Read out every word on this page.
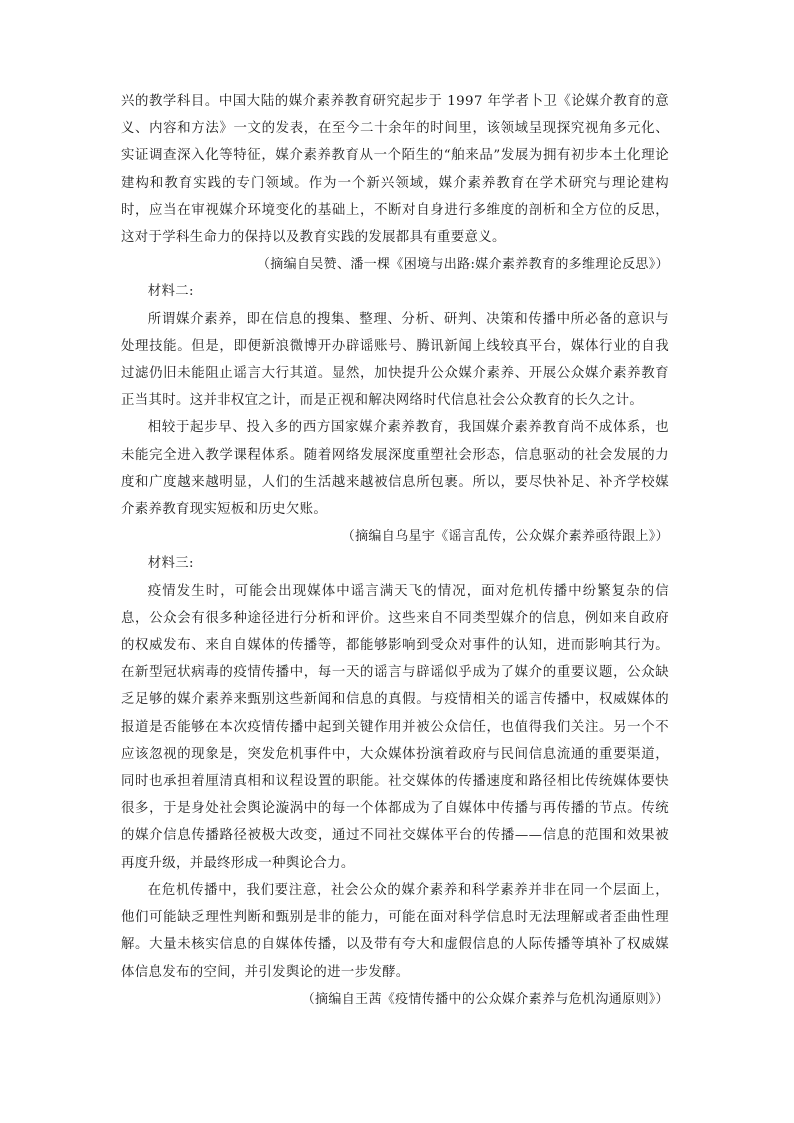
兴的教学科目。中国大陆的媒介素养教育研究起步于 1997 年学者卜卫《论媒介教育的意义、内容和方法》一文的发表，在至今二十余年的时间里，该领域呈现探究视角多元化、实证调查深入化等特征，媒介素养教育从一个陌生的“舶来品”发展为拥有初步本土化理论建构和教育实践的专门领域。作为一个新兴领域，媒介素养教育在学术研究与理论建构时，应当在审视媒介环境变化的基础上，不断对自身进行多维度的剖析和全方位的反思，这对于学科生命力的保持以及教育实践的发展都具有重要意义。

（摘编自吴赞、潘一棵《困境与出路:媒介素养教育的多维理论反思》）

材料二:

所谓媒介素养，即在信息的搜集、整理、分析、研判、决策和传播中所必备的意识与处理技能。但是，即便新浪微博开办辟谣账号、腾讯新闻上线较真平台，媒体行业的自我过滤仍旧未能阻止谣言大行其道。显然，加快提升公众媒介素养、开展公众媒介素养教育正当其时。这并非权宜之计，而是正视和解决网络时代信息社会公众教育的长久之计。

相较于起步早、投入多的西方国家媒介素养教育，我国媒介素养教育尚不成体系，也未能完全进入教学课程体系。随着网络发展深度重塑社会形态，信息驱动的社会发展的力度和广度越来越明显，人们的生活越来越被信息所包裹。所以，要尽快补足、补齐学校媒介素养教育现实短板和历史欠账。

（摘编自乌星宇《谣言乱传，公众媒介素养亟待跟上》）

材料三:

疫情发生时，可能会出现媒体中谣言满天飞的情况，面对危机传播中纷繁复杂的信息，公众会有很多种途径进行分析和评价。这些来自不同类型媒介的信息，例如来自政府的权威发布、来自自媒体的传播等，都能够影响到受众对事件的认知，进而影响其行为。在新型冠状病毒的疫情传播中，每一天的谣言与辟谣似乎成为了媒介的重要议题，公众缺乏足够的媒介素养来甄别这些新闻和信息的真假。与疫情相关的谣言传播中，权威媒体的报道是否能够在本次疫情传播中起到关键作用并被公众信任，也值得我们关注。另一个不应该忽视的现象是，突发危机事件中，大众媒体扮演着政府与民间信息流通的重要渠道，同时也承担着厘清真相和议程设置的职能。社交媒体的传播速度和路径相比传统媒体要快很多，于是身处社会舆论漩涡中的每一个体都成为了自媒体中传播与再传播的节点。传统的媒介信息传播路径被极大改变，通过不同社交媒体平台的传播——信息的范围和效果被再度升级，并最终形成一种舆论合力。

在危机传播中，我们要注意，社会公众的媒介素养和科学素养并非在同一个层面上，他们可能缺乏理性判断和甄别是非的能力，可能在面对科学信息时无法理解或者歪曲性理解。大量未核实信息的自媒体传播，以及带有夸大和虚假信息的人际传播等填补了权威媒体信息发布的空间，并引发舆论的进一步发酵。

（摘编自王茜《疫情传播中的公众媒介素养与危机沟通原则》）
